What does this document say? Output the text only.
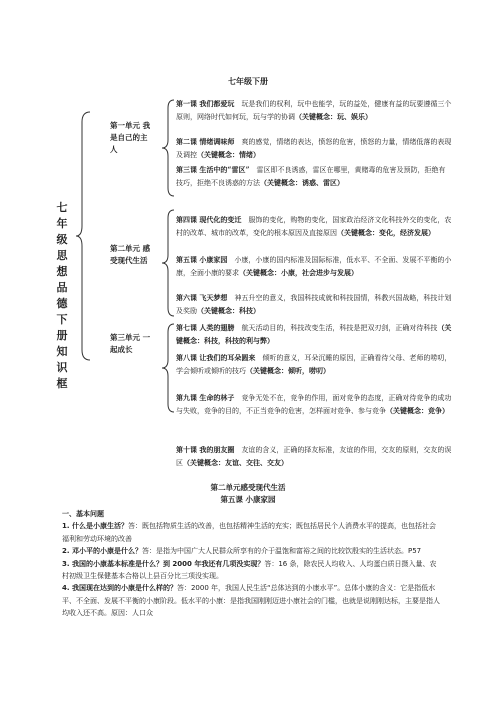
七年级下册
七年级思想品德下册知识框
第一单元 我是自己的主人
第二单元 感受现代生活
第三单元 一起成长
第一课 我们都爱玩　 玩是我们的权利，玩中也能学，玩的益处，健康有益的玩要遵循三个原则，网络时代如何玩，玩与学的协调（关键概念：玩、娱乐）
第二课 情绪调味师　 爽的感觉，情绪的表达，愤怒的危害，愤怒的力量，情绪低落的表现及调控（关键概念：情绪）
第三课 生活中的“雷区”　 雷区即不良诱惑，雷区在哪里，黄赌毒的危害及预防，拒绝有技巧，拒绝不良诱惑的方法（关键概念：诱惑、雷区）
第四课 现代化的变迁　 服饰的变化，购物的变化，国家政治经济文化科技外交的变化，农村的改革、城市的改革，变化的根本原因及直接原因（关键概念：变化，经济发展）
第五课 小康家园　 小康，小康的国内标准及国际标准，低水平、不全面、发展不平衡的小康，全面小康的要求（关键概念：小康，社会进步与发展）
第六课 飞天梦想　 神五升空的意义，我国科技成就和科技国情，科教兴国战略，科技计划及奖励（关键概念：科技）
第七课 人类的翅膀　 航天活动目的，科技改变生活，科技是把双刃剑，正确对待科技（关键概念：科技，科技的利与弊）
第八课 让我们的耳朵圆来　 倾听的意义，耳朵沉睡的原因，正确看待父母、老师的唠叨，学会倾听或倾听的技巧（关键概念：倾听，唠叨）
第九课 生命的林子　 竞争无处不在，竞争的作用，面对竞争的态度，正确对待竞争的成功与失败，竞争的目的，不正当竞争的危害，怎样面对竞争、参与竞争（关键概念：竞争）
第十课 我的朋友圈　 友谊的含义，正确的择友标准，友谊的作用，交友的原则，交友的误区（关键概念：友谊、交往、交友）
第二单元感受现代生活
第五课 小康家园

一、基本问题

1. 什么是小康生活？答：既包括物质生活的改善，也包括精神生活的充实；既包括居民个人消费水平的提高，也包括社会福利和劳动环境的改善

2. 邓小平的小康是什么？答：是指为中国广大人民群众所享有的介于温饱和富裕之间的比较饮殷实的生活状态。P57

3. 我国的小康基本标准是什么？到 2000 年我还有几项没实现？答：16 条，除农民人均收入、人均蛋白质日摄入量、农村初级卫生保健基本合格以上县百分比三项没实现。

4. 我国现在达到的小康是什么样的？答：2000 年，我国人民生活“总体达到的小康水平”。总体小康的含义：它是指低水平、不全面、发展不平衡的小康阶段。低水平的小康：是指我国刚刚迈进小康社会的门槛，也就是说刚刚达标，主要是指人均收入还不高。原因：人口众
